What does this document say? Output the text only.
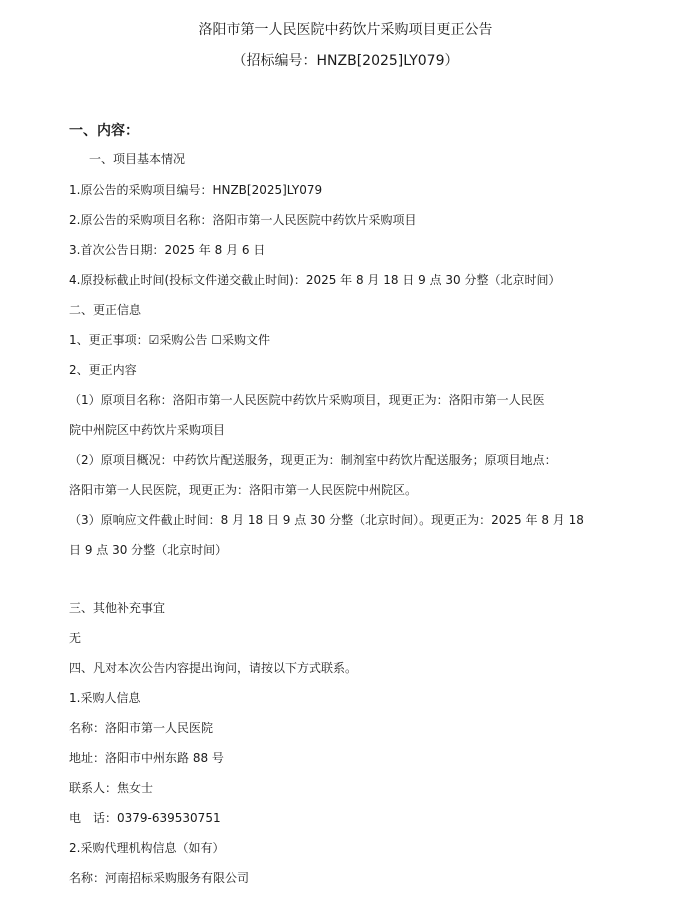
洛阳市第一人民医院中药饮片采购项目更正公告
（招标编号：HNZB[2025]LY079）
一、内容：
一、项目基本情况
1.原公告的采购项目编号：HNZB[2025]LY079
2.原公告的采购项目名称：洛阳市第一人民医院中药饮片采购项目
3.首次公告日期：2025 年 8 月 6 日
4.原投标截止时间(投标文件递交截止时间)：2025 年 8 月 18 日 9 点 30 分整（北京时间）
二、更正信息
1、更正事项：☑采购公告 ☐采购文件
2、更正内容
（1）原项目名称：洛阳市第一人民医院中药饮片采购项目，现更正为：洛阳市第一人民医
院中州院区中药饮片采购项目
（2）原项目概况：中药饮片配送服务，现更正为：制剂室中药饮片配送服务；原项目地点：
洛阳市第一人民医院，现更正为：洛阳市第一人民医院中州院区。
（3）原响应文件截止时间：8 月 18 日 9 点 30 分整（北京时间）。现更正为：2025 年 8 月 18
日 9 点 30 分整（北京时间）
三、其他补充事宜
无
四、凡对本次公告内容提出询问，请按以下方式联系。
1.采购人信息
名称：洛阳市第一人民医院
地址：洛阳市中州东路 88 号
联系人：焦女士
电　话：0379-639530751
2.采购代理机构信息（如有）
名称：河南招标采购服务有限公司
